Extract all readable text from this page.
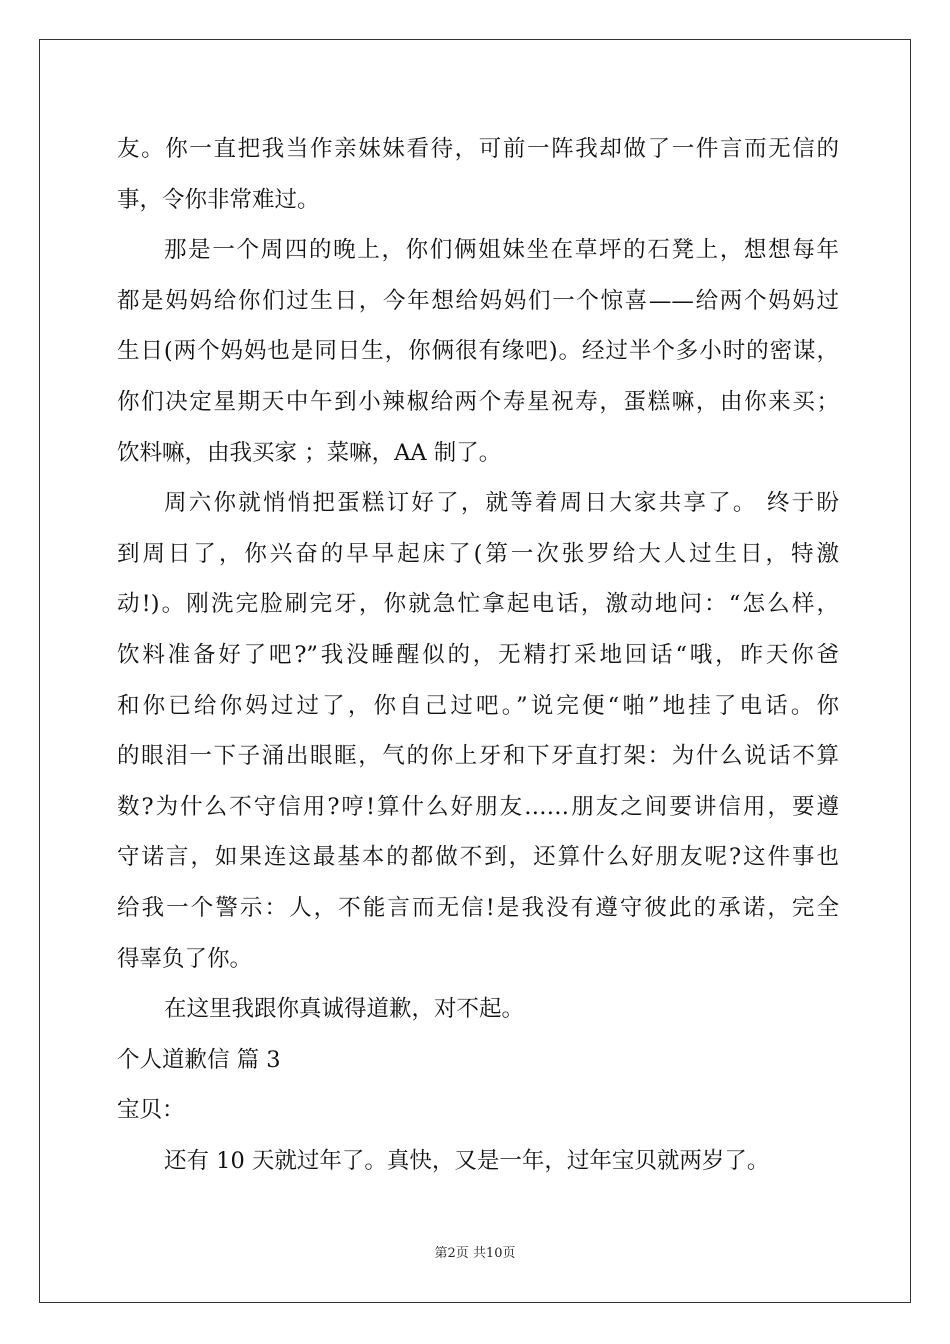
友。你一直把我当作亲妹妹看待，可前一阵我却做了一件言而无信的
事，令你非常难过。
那是一个周四的晚上，你们俩姐妹坐在草坪的石凳上，想想每年
都是妈妈给你们过生日，今年想给妈妈们一个惊喜——给两个妈妈过
生日(两个妈妈也是同日生，你俩很有缘吧)。经过半个多小时的密谋，
你们决定星期天中午到小辣椒给两个寿星祝寿，蛋糕嘛，由你来买；
饮料嘛，由我买家 ；菜嘛，AA 制了。
周六你就悄悄把蛋糕订好了，就等着周日大家共享了。 终于盼
到周日了，你兴奋的早早起床了(第一次张罗给大人过生日，特激
动!)。刚洗完脸刷完牙，你就急忙拿起电话，激动地问：“怎么样，
饮料准备好了吧?”我没睡醒似的，无精打采地回话“哦，昨天你爸
和你已给你妈过过了，你自己过吧。”说完便“啪”地挂了电话。你
的眼泪一下子涌出眼眶，气的你上牙和下牙直打架：为什么说话不算
数?为什么不守信用?哼!算什么好朋友……朋友之间要讲信用，要遵
守诺言，如果连这最基本的都做不到，还算什么好朋友呢?这件事也
给我一个警示：人，不能言而无信!是我没有遵守彼此的承诺，完全
得辜负了你。
在这里我跟你真诚得道歉，对不起。
个人道歉信 篇 3
宝贝：
还有 10 天就过年了。真快，又是一年，过年宝贝就两岁了。
第2页 共10页
